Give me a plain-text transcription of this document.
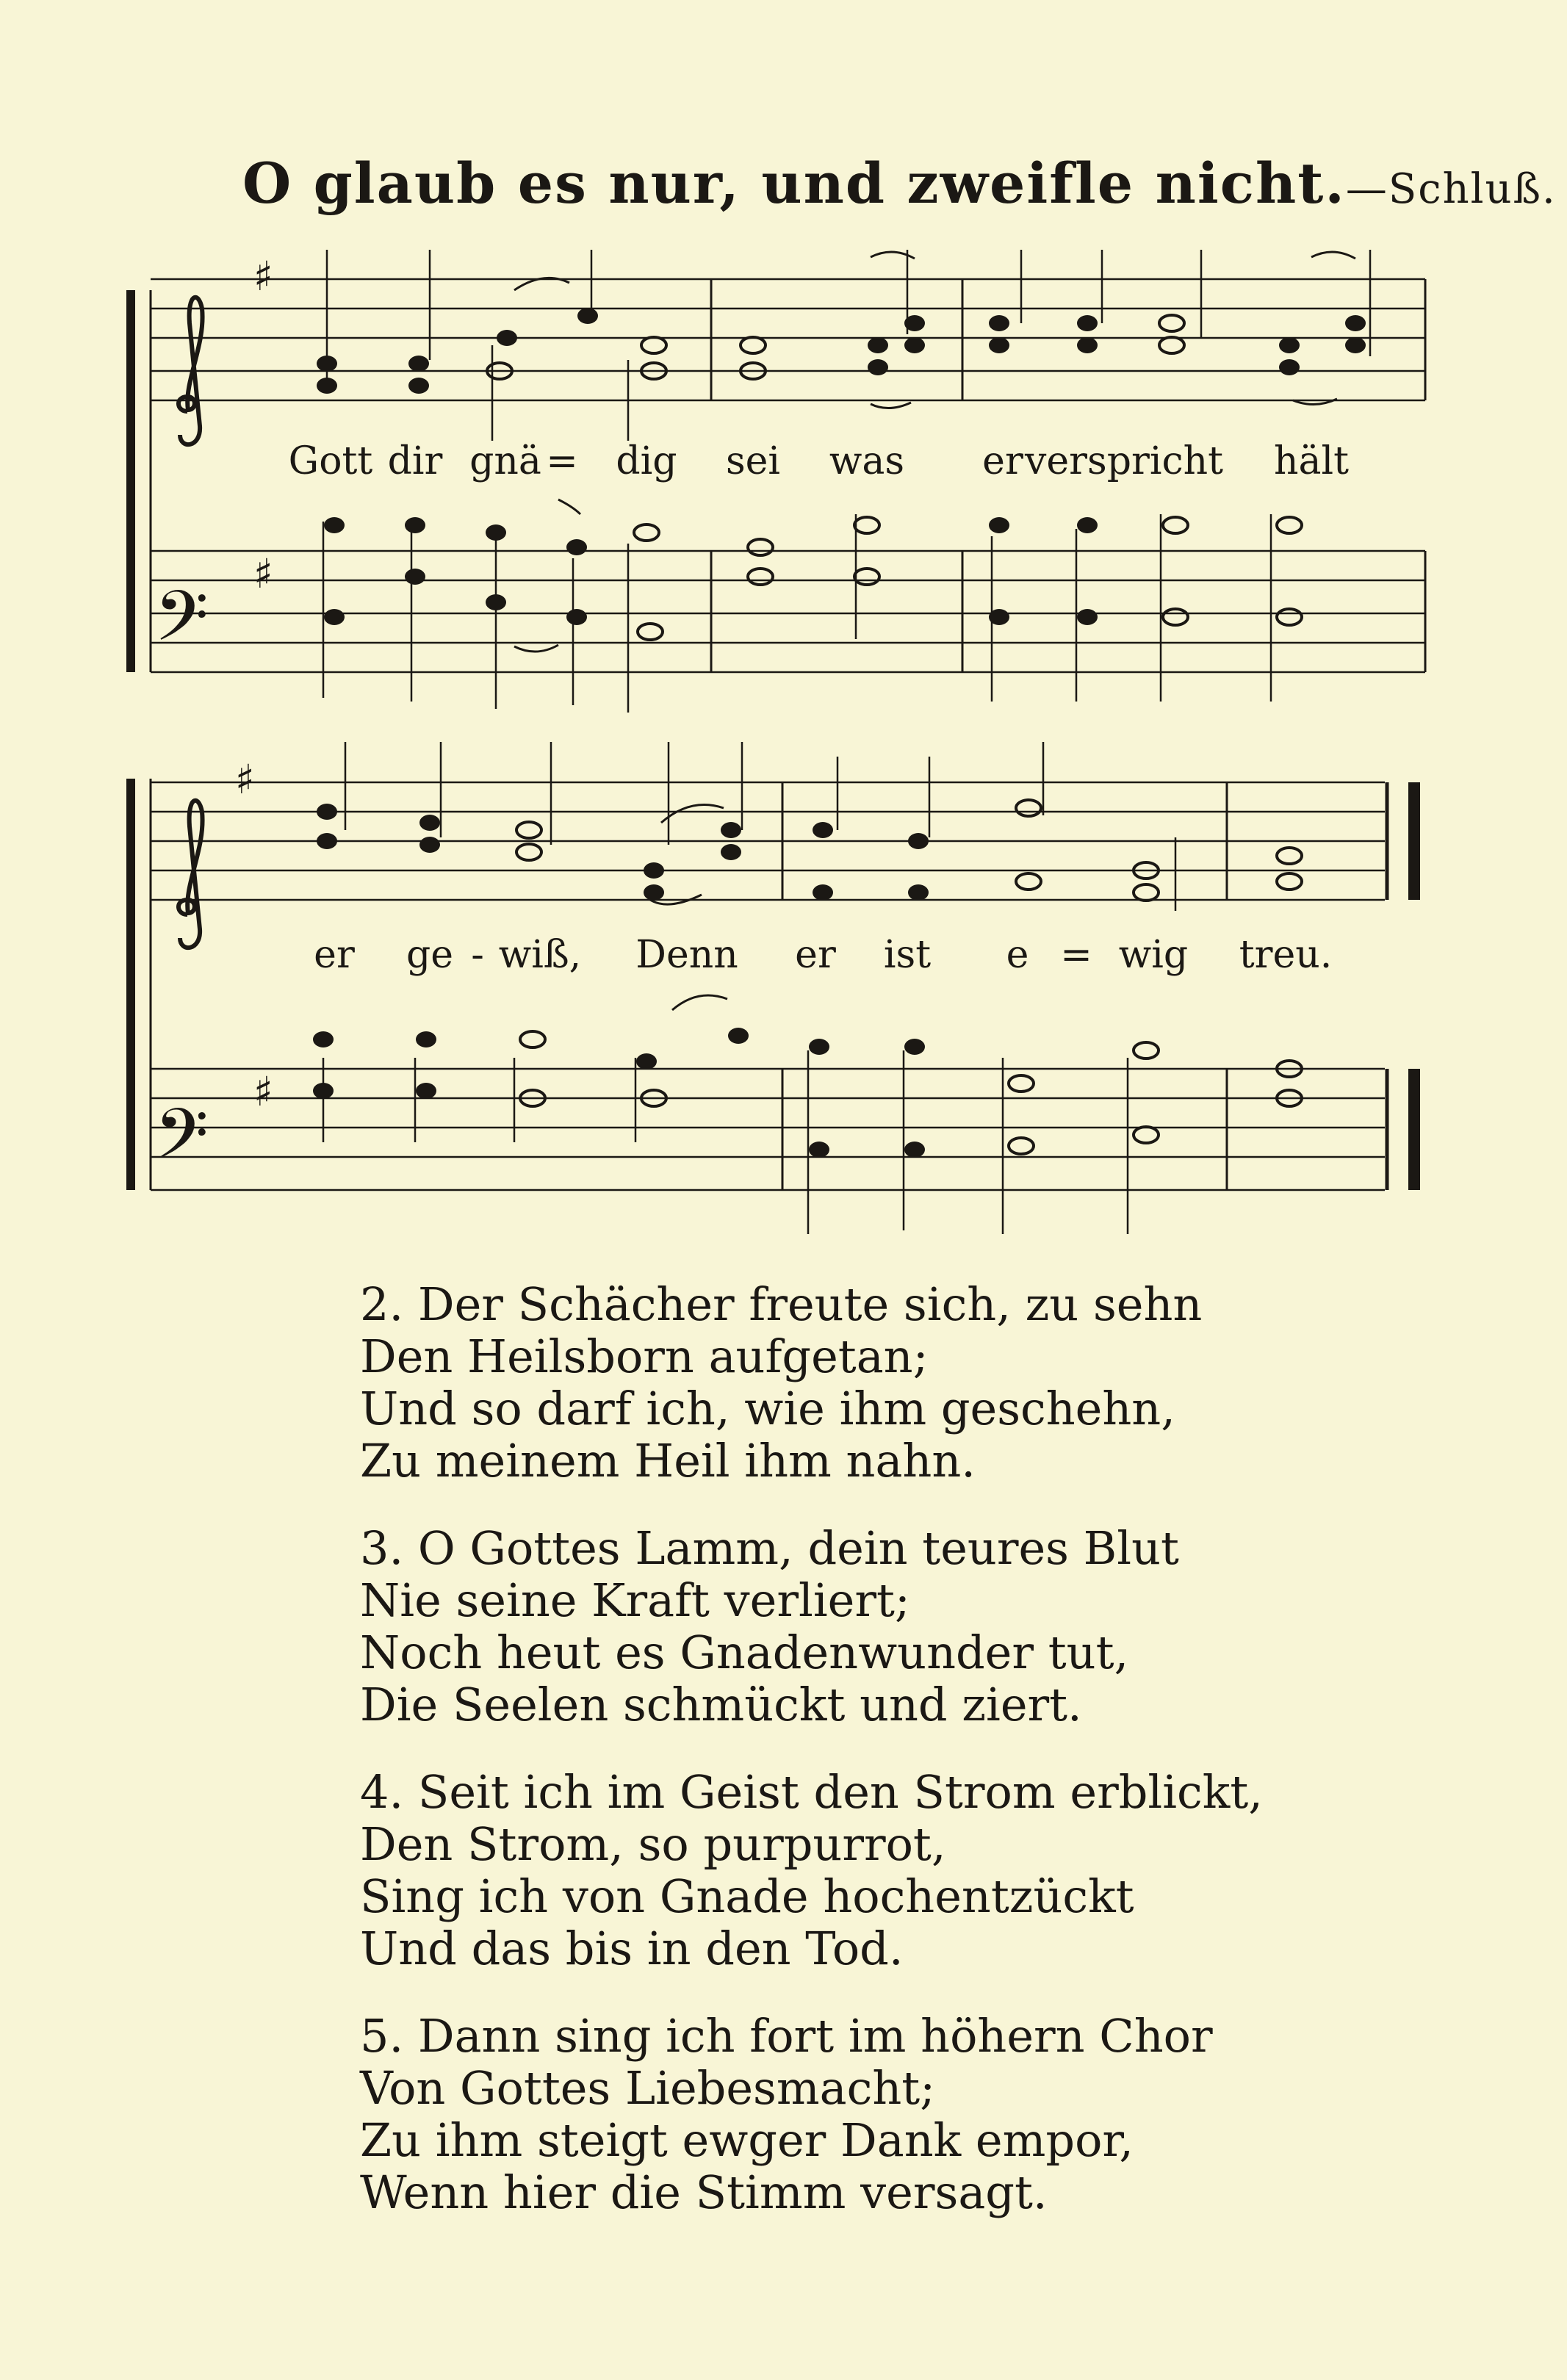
O glaub es nur, und zweifle nicht.—Schluß.
♯
𝄢
♯
Gott dir gnä = dig sei was er verspricht hält
♯
𝄢
♯
er ge - wiß, Denn er ist e = wig treu.
2. Der Schächer freute sich, zu sehn
Den Heilsborn aufgetan;
Und so darf ich, wie ihm geschehn,
Zu meinem Heil ihm nahn.
3. O Gottes Lamm, dein teures Blut
Nie seine Kraft verliert;
Noch heut es Gnadenwunder tut,
Die Seelen schmückt und ziert.
4. Seit ich im Geist den Strom erblickt,
Den Strom, so purpurrot,
Sing ich von Gnade hochentzückt
Und das bis in den Tod.
5. Dann sing ich fort im höhern Chor
Von Gottes Liebesmacht;
Zu ihm steigt ewger Dank empor,
Wenn hier die Stimm versagt.
